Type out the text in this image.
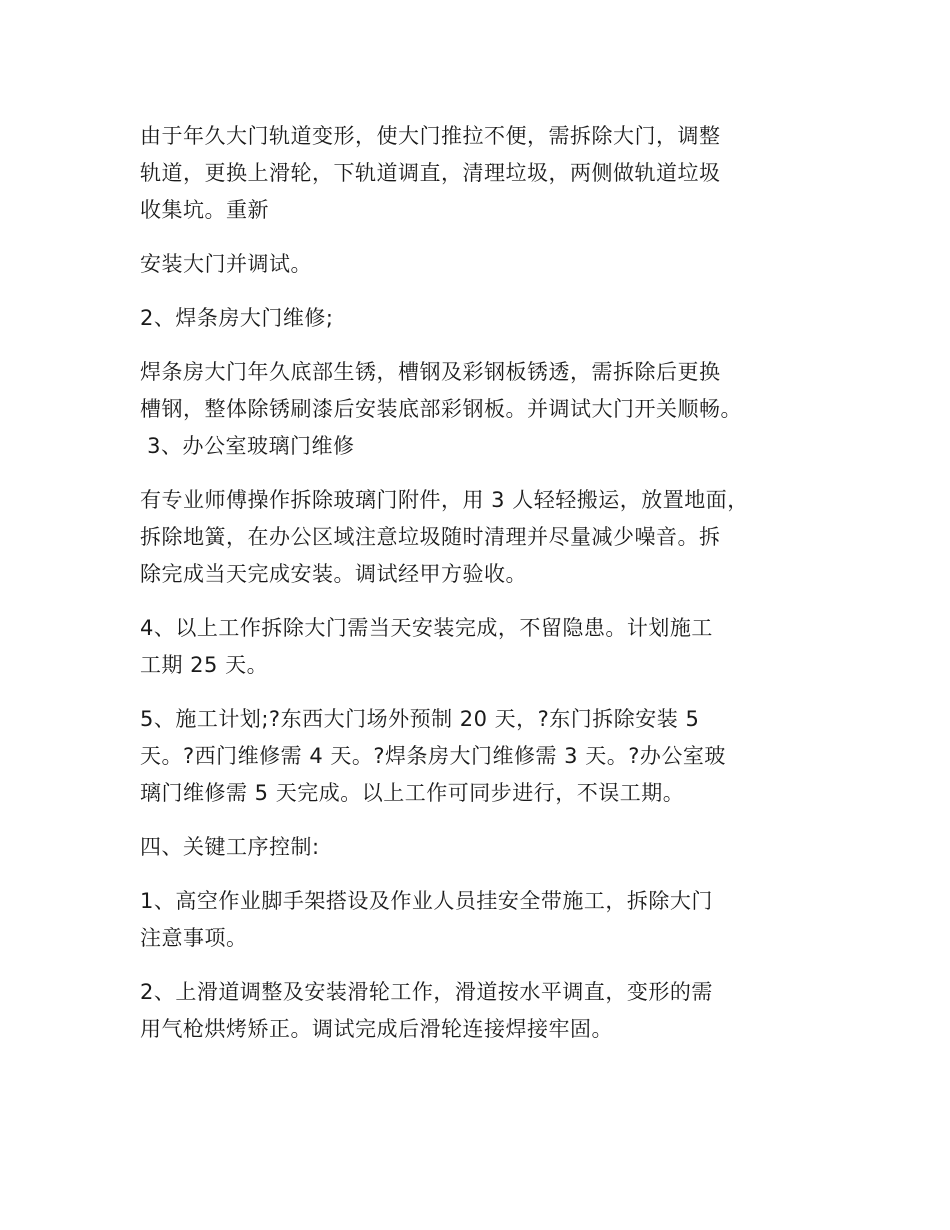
由于年久大门轨道变形，使大门推拉不便，需拆除大门，调整
轨道，更换上滑轮，下轨道调直，清理垃圾，两侧做轨道垃圾
收集坑。重新

安装大门并调试。

2、焊条房大门维修;

焊条房大门年久底部生锈，槽钢及彩钢板锈透，需拆除后更换
槽钢，整体除锈刷漆后安装底部彩钢板。并调试大门开关顺畅。
3、办公室玻璃门维修

有专业师傅操作拆除玻璃门附件，用 3 人轻轻搬运，放置地面，
拆除地簧，在办公区域注意垃圾随时清理并尽量减少噪音。拆
除完成当天完成安装。调试经甲方验收。

4、以上工作拆除大门需当天安装完成，不留隐患。计划施工
工期 25 天。

5、施工计划;?东西大门场外预制 20 天，?东门拆除安装 5
天。?西门维修需 4 天。?焊条房大门维修需 3 天。?办公室玻
璃门维修需 5 天完成。以上工作可同步进行，不误工期。

四、关键工序控制:

1、高空作业脚手架搭设及作业人员挂安全带施工，拆除大门
注意事项。

2、上滑道调整及安装滑轮工作，滑道按水平调直，变形的需
用气枪烘烤矫正。调试完成后滑轮连接焊接牢固。
